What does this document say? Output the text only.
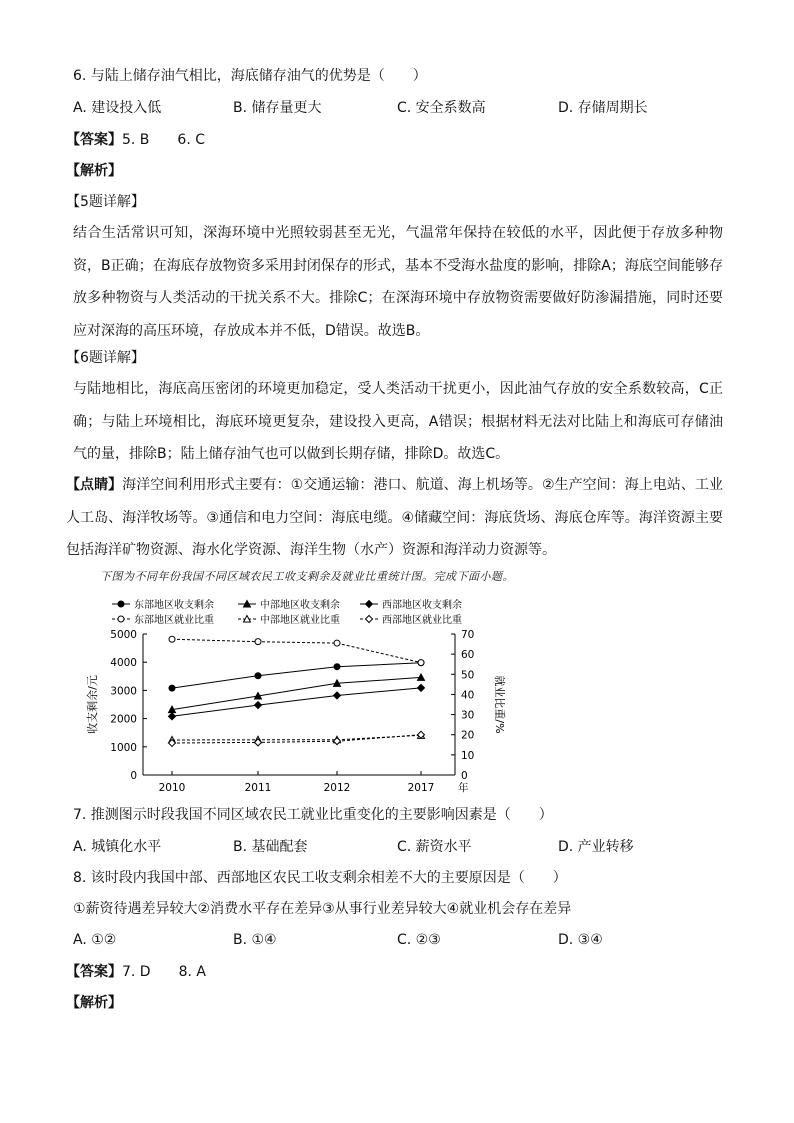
6. 与陆上储存油气相比，海底储存油气的优势是（　　）
A. 建设投入低	B. 储存量更大	C. 安全系数高	D. 存储周期长
【答案】5. B　　6. C
【解析】
【5题详解】
结合生活常识可知，深海环境中光照较弱甚至无光，气温常年保持在较低的水平，因此便于存放多种物资，B正确；在海底存放物资多采用封闭保存的形式，基本不受海水盐度的影响，排除A；海底空间能够存放多种物资与人类活动的干扰关系不大。排除C；在深海环境中存放物资需要做好防渗漏措施，同时还要应对深海的高压环境，存放成本并不低，D错误。故选B。
【6题详解】
与陆地相比，海底高压密闭的环境更加稳定，受人类活动干扰更小，因此油气存放的安全系数较高，C正确；与陆上环境相比，海底环境更复杂，建设投入更高，A错误；根据材料无法对比陆上和海底可存储油气的量，排除B；陆上储存油气也可以做到长期存储，排除D。故选C。
【点睛】海洋空间利用形式主要有：①交通运输：港口、航道、海上机场等。②生产空间：海上电站、工业人工岛、海洋牧场等。③通信和电力空间：海底电缆。④储藏空间：海底货场、海底仓库等。海洋资源主要包括海洋矿物资源、海水化学资源、海洋生物（水产）资源和海洋动力资源等。
下图为不同年份我国不同区域农民工收支剩余及就业比重统计图。完成下面小题。
0
1000
2000
3000
4000
5000
0
10
20
30
40
50
60
70
2010	2011	2012	2017 年
收支剩余/元	就业比重/%
东部地区收支剩余	中部地区收支剩余	西部地区收支剩余
东部地区就业比重	中部地区就业比重	西部地区就业比重
7. 推测图示时段我国不同区域农民工就业比重变化的主要影响因素是（　　）
A. 城镇化水平	B. 基础配套	C. 薪资水平	D. 产业转移
8. 该时段内我国中部、西部地区农民工收支剩余相差不大的主要原因是（　　）
①薪资待遇差异较大②消费水平存在差异③从事行业差异较大④就业机会存在差异
A. ①②	B. ①④	C. ②③	D. ③④
【答案】7. D　　8. A
【解析】
